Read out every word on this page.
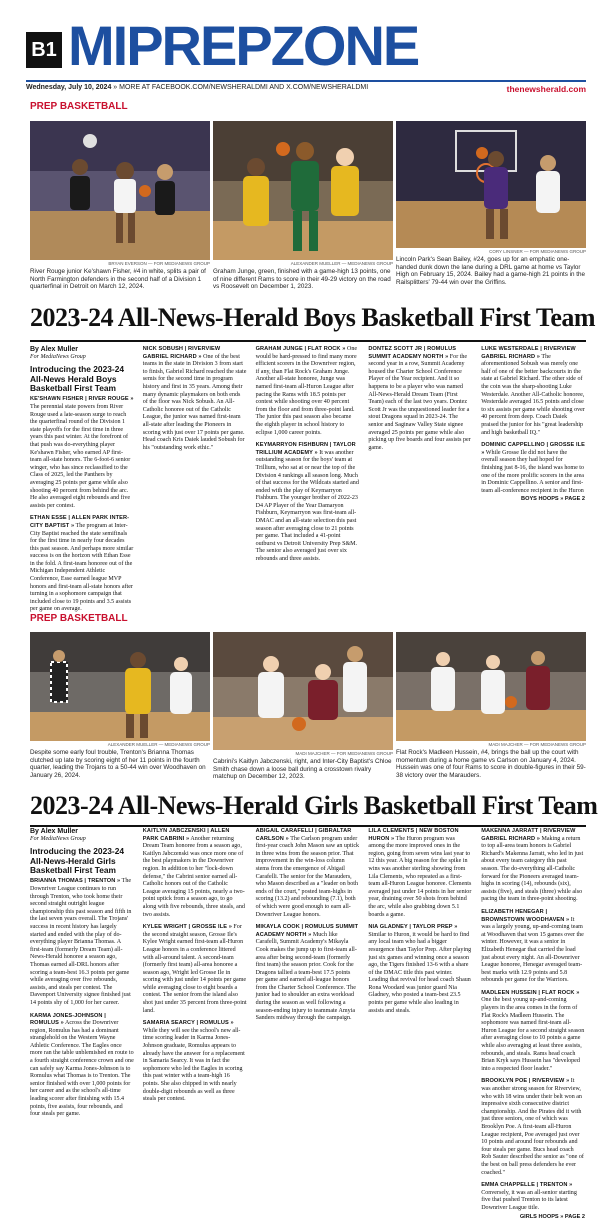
B1 MIPREPZONE
Wednesday, July 10, 2024 » MORE AT FACEBOOK.COM/NEWSHERALDMI AND X.COM/NEWSHERALDMI	thenewsherald.com
PREP BASKETBALL
BRYAN EVERSON — FOR MEDIANEWS GROUP
River Rouge junior Ke'shawn Fisher, #4 in white, splits a pair of North Farmington defenders in the second half of a Division 1 quarterfinal in Detroit on March 12, 2024.
ALEXANDER MUELLER — MEDIANEWS GROUP
Graham Junge, green, finished with a game-high 13 points, one of nine different Rams to score in their 49-29 victory on the road vs Roosevelt on December 1, 2023.
CORY LINSNER — FOR MEDIANEWS GROUP
Lincoln Park's Sean Bailey, #24, goes up for an emphatic one-handed dunk down the lane during a DRL game at home vs Taylor High on February 15, 2024. Bailey had a game-high 21 points in the Railsplitters' 79-44 win over the Griffins.
2023-24 All-News-Herald Boys Basketball First Team
By Alex Muller
For MediaNews Group
Introducing the 2023-24 All-News Herald Boys Basketball First Team
KE'SHAWN FISHER | RIVER ROUGE » The perennial state powers from River Rouge used a late-season surge to reach the quarterfinal round of the Division 1 state playoffs for the first time in three years this past winter. At the forefront of that push was do-everything player Ke'shawn Fisher, who earned AP first-team all-state honors. The 6-foot-6 senior winger, who has since reclassified to the Class of 2025, led the Panthers by averaging 25 points per game while also shooting 40 percent from behind the arc. He also averaged eight rebounds and five assists per contest.
ETHAN ESSE | ALLEN PARK INTER-CITY BAPTIST » The program at Inter-City Baptist reached the state semifinals for the first time in nearly four decades this past season. And perhaps more similar success is on the horizon with Ethan Esse in the fold. A first-team honoree out of the Michigan Independent Athletic Conference, Esse earned league MVP honors and first-team all-state honors after turning in a sophomore campaign that included close to 19 points and 3.5 assists per game on average.
NICK SOBUSH | RIVERVIEW GABRIEL RICHARD » One of the best teams in the state in Division 3 from start to finish, Gabriel Richard reached the state semis for the second time in program history and first in 35 years. Among their many dynamic playmakers on both ends of the floor was Nick Sobush. An All-Catholic honoree out of the Catholic League, the junior was named first-team all-state after leading the Pioneers in scoring with just over 17 points per game. Head coach Kris Daiek lauded Sobush for his "outstanding work ethic."
GRAHAM JUNGE | FLAT ROCK » One would be hard-pressed to find many more efficient scorers in the Downriver region, if any, than Flat Rock's Graham Junge. Another all-state honoree, Junge was named first-team all-Huron League after pacing the Rams with 18.5 points per contest while shooting over 40 percent from the floor and from three-point land. The junior this past season also became the eighth player in school history to eclipse 1,000 career points.
KEYMARRYON FISHBURN | TAYLOR TRILLIUM ACADEMY » It was another outstanding season for the boys' team at Trillium, who sat at or near the top of the Division 4 rankings all season long. Much of that success for the Wildcats started and ended with the play of Keymarryon Fishburn. The younger brother of 2022-23 D4 AP Player of the Year Damaryon Fishburn, Keymarryon was first-team all-DMAC and an all-state selection this past season after averaging close to 21 points per game. That included a 41-point outburst vs Detroit University Prep S&M. The senior also averaged just over six rebounds and three assists.
DONTEZ SCOTT JR | ROMULUS SUMMIT ACADEMY NORTH » For the second year in a row, Summit Academy housed the Charter School Conference Player of the Year recipient. And it so happens to be a player who was named All-News-Herald Dream Team (First Team) each of the last two years. Dontez Scott Jr was the unquestioned leader for a stout Dragons squad in 2023-24. The senior and Saginaw Valley State signee averaged 25 points per game while also picking up five boards and four assists per game.
LUKE WESTERDALE | RIVERVIEW GABRIEL RICHARD » The aforementioned Sobush was merely one half of one of the better backcourts in the state at Gabriel Richard. The other side of the coin was the sharp-shooting Luke Westerdale. Another All-Catholic honoree, Westerdale averaged 16.5 points and close to six assists per game while shooting over 40 percent from deep. Coach Daiek praised the junior for his "great leadership and high basketball IQ."
DOMINIC CAPPELLINO | GROSSE ILE » While Grosse Ile did not have the overall season they had hoped for finishing just 8-16, the island was home to one of the more prolific scorers in the area in Dominic Cappellino. A senior and first-team all-conference recipient in the Huron
BOYS HOOPS » PAGE 2
PREP BASKETBALL
ALEXANDER MUELLER — MEDIANEWS GROUP
Despite some early foul trouble, Trenton's Brianna Thomas clutched up late by scoring eight of her 11 points in the fourth quarter, leading the Trojans to a 50-44 win over Woodhaven on January 26, 2024.
MADI MAJCHER — FOR MEDIANEWS GROUP
Cabrini's Kaitlyn Jabczenski, right, and Inter-City Baptist's Chloe Smith chase down a loose ball during a crosstown rivalry matchup on December 12, 2023.
MADI MAJCHER — FOR MEDIANEWS GROUP
Flat Rock's Madleen Hussein, #4, brings the ball up the court with momentum during a home game vs Carlson on January 4, 2024. Hussein was one of four Rams to score in double-figures in their 59-38 victory over the Marauders.
2023-24 All-News-Herald Girls Basketball First Team
By Alex Muller
For MediaNews Group
Introducing the 2023-24 All-News-Herald Girls Basketball First Team
BRIANNA THOMAS | TRENTON » The Downriver League continues to run through Trenton, who took home their second straight outright league championship this past season and fifth in the last seven years overall. The Trojans' success in recent history has largely started and ended with the play of do-everything player Brianna Thomas. A first-team (formerly Dream Team) all-News-Herald honoree a season ago, Thomas earned all-DRL honors after scoring a team-best 16.3 points per game while averaging over five rebounds, assists, and steals per contest. The Davenport University signee finished just 14 points shy of 1,000 for her career.
KARMA JONES-JOHNSON | ROMULUS » Across the Downriver region, Romulus has had a dominant stranglehold on the Western Wayne Athletic Conference. The Eagles once more ran the table unblemished en route to a fourth straight conference crown and one can safely say Karma Jones-Johnson is to Romulus what Thomas is to Trenton. The senior finished with over 1,000 points for her career and as the school's all-time leading scorer after finishing with 15.4 points, five assists, four rebounds, and four steals per game.
KAITLYN JABCZENSKI | ALLEN PARK CABRINI » Another returning Dream Team honoree from a season ago, Kaitlyn Jabczenski was once more one of the best playmakers in the Downriver region. In addition to her "lock-down defense," the Cabrini senior earned all-Catholic honors out of the Catholic League averaging 15 points, nearly a two-point uptick from a season ago, to go along with five rebounds, three steals, and two assists.
KYLEE WRIGHT | GROSSE ILE » For the second straight season, Grosse Ile's Kylee Wright earned first-team all-Huron League honors in a conference littered with all-around talent. A second-team (formerly first team) all-area honoree a season ago, Wright led Grosse Ile in scoring with just under 14 points per game while averaging close to eight boards a contest. The senior from the island also shot just under 35 percent from three-point land.
SAMARIA SEARCY | ROMULUS » While they will see the school's new all-time scoring leader in Karma Jones-Johnson graduate, Romulus appears to already have the answer for a replacement in Samaria Searcy. It was in fact the sophomore who led the Eagles in scoring this past winter with a team-high 16 points. She also chipped in with nearly double-digit rebounds as well as three steals per contest.
ABIGAIL CARAFELLI | GIBRALTAR CARLSON » The Carlson program under first-year coach John Mason saw an uptick in three wins from the season prior. That improvement in the win-loss column stems from the emergence of Abigail Carafelli. The senior for the Marauders, who Mason described as a "leader on both ends of the court," posted team-highs in scoring (13.2) and rebounding (7.1), both of which were good enough to earn all-Downriver League honors.
MIKAYLA COOK | ROMULUS SUMMIT ACADEMY NORTH » Much like Carafelli, Summit Academy's Mikayla Cook makes the jump up to first-team all-area after being second-team (formerly first team) the season prior. Cook for the Dragons tallied a team-best 17.5 points per game and earned all-league honors from the Charter School Conference. The junior had to shoulder an extra workload during the season as well following a season-ending injury to teammate Amyia Sanders midway through the campaign.
LILA CLEMENTS | NEW BOSTON HURON » The Huron program was among the more improved ones in the region, going from seven wins last year to 12 this year. A big reason for the spike in wins was another sterling showing from Lila Clements, who repeated as a first-team all-Huron League honoree. Clements averaged just under 14 points in her senior year, draining over 50 shots from behind the arc, while also grabbing down 5.1 boards a game.
NIA GLADNEY | TAYLOR PREP » Similar to Huron, it would be hard to find any local team who had a bigger resurgence than Taylor Prep. After playing just six games and winning once a season ago, the Tigers finished 13-6 with a share of the DMAC title this past winter. Leading that revival for head coach Shaun Rona Woodard was junior guard Nia Gladney, who posted a team-best 23.5 points per game while also leading in assists and steals.
MAKENNA JARRATT | RIVERVIEW GABRIEL RICHARD » Making a return to top all-area team honors is Gabriel Richard's Makenna Jarratt, who led in just about every team category this past season. The do-everything all-Catholic forward for the Pioneers averaged team-highs in scoring (14), rebounds (six), assists (five), and steals (three) while also pacing the team in three-point shooting.
ELIZABETH HENEGAR | BROWNSTOWN WOODHAVEN » It was a largely young, up-and-coming team at Woodhaven that won 15 games over the winter. However, it was a senior in Elizabeth Henegar that carried the load just about every night. An all-Downriver League honoree, Henegar averaged team-best marks with 12.9 points and 5.8 rebounds per game for the Warriors.
MADLEEN HUSSEIN | FLAT ROCK » One the best young up-and-coming players in the area comes in the form of Flat Rock's Madleen Hussein. The sophomore was named first-team all-Huron League for a second straight season after averaging close to 10 points a game while also averaging at least three assists, rebounds, and steals. Rams head coach Brian Kryk says Hussein has "developed into a respected floor leader."
BROOKLYN POE | RIVERVIEW » It was another strong season for Riverview, who with 18 wins under their belt won an impressive sixth consecutive district championship. And the Pirates did it with just three seniors, one of which was Brooklyn Poe. A first-team all-Huron League recipient, Poe averaged just over 10 points and around four rebounds and four steals per game. Bucs head coach Rob Sauter described the senior as "one of the best on ball press defenders he ever coached."
EMMA CHAPPELLE | TRENTON » Conversely, it was an all-senior starting five that pushed Trenton to its latest Downriver League title.
GIRLS HOOPS » PAGE 2
